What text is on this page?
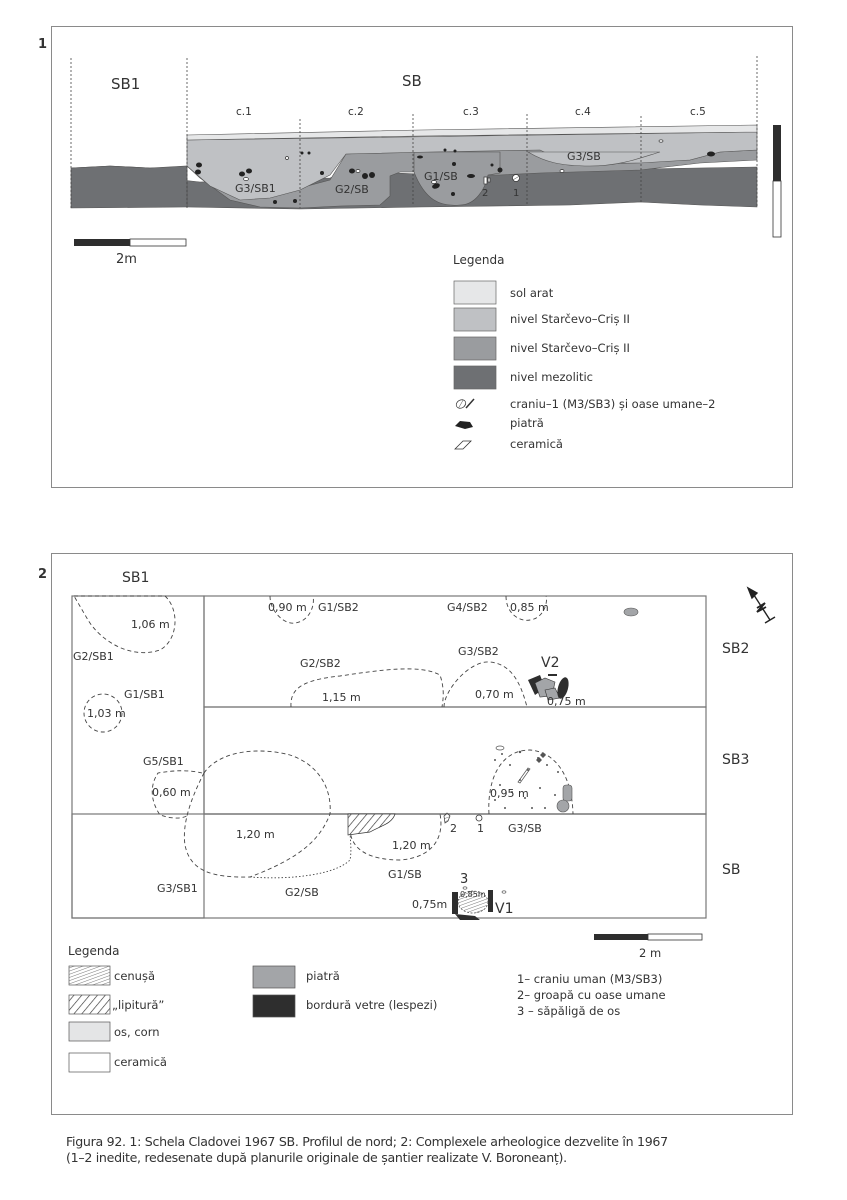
1
SB1	SB
c.1	c.2	c.3	c.4	c.5
G3/SB1	G2/SB
G1/SB
G3/SB
2 1
2m	Legenda
sol arat
nivel Starčevo–Criș II
nivel Starčevo–Criș II
nivel mezolitic
craniu–1 (M3/SB3) și oase umane–2
piatră
ceramică
2	SB1
SB2
SB3
SB
G2/SB1
1,06 m
G1/SB1
1,03 m
G1/SB2
0,90 m	G4/SB2 0,85 m
G2/SB2
1,15 m
G3/SB2
0,70 m
0,75 m
G5/SB1
0,60 m
1,20 m
G3/SB1	G2/SB
1,20 m
G1/SB
0,95 m
G3/SB
0,75m
0,85m
2 1
V2
V1
3
2 m
Legenda
cenușă
„lipitură”
os, corn
ceramică
piatră
bordură vetre (lespezi)
1– craniu uman (M3/SB3)
2– groapă cu oase umane
3 – săpăligă de os
Figura 92. 1: Schela Cladovei 1967 SB. Profilul de nord; 2: Complexele arheologice dezvelite în 1967
(1–2 inedite, redesenate după planurile originale de șantier realizate V. Boroneanț).
